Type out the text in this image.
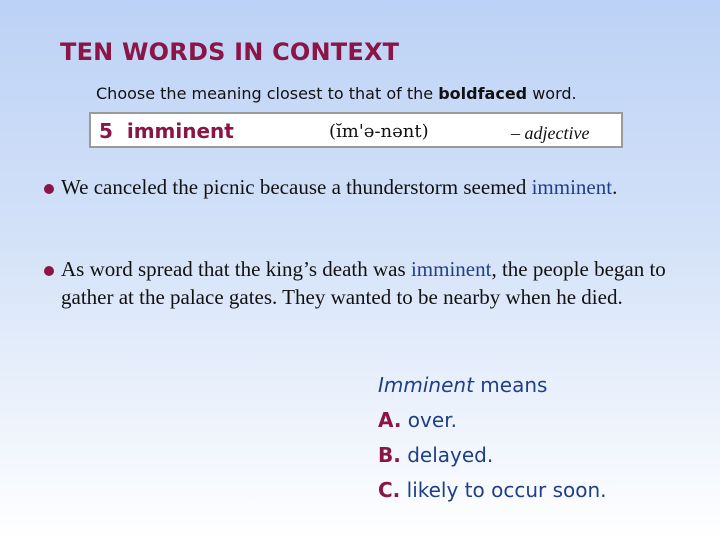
TEN WORDS IN CONTEXT
Choose the meaning closest to that of the boldfaced word.
5 imminent	(ĭm'ə-nənt)	– adjective
We canceled the picnic because a thunderstorm seemed imminent.
As word spread that the king’s death was imminent, the people began to gather at the palace gates. They wanted to be nearby when he died.
Imminent means
A. over.
B. delayed.
C. likely to occur soon.
